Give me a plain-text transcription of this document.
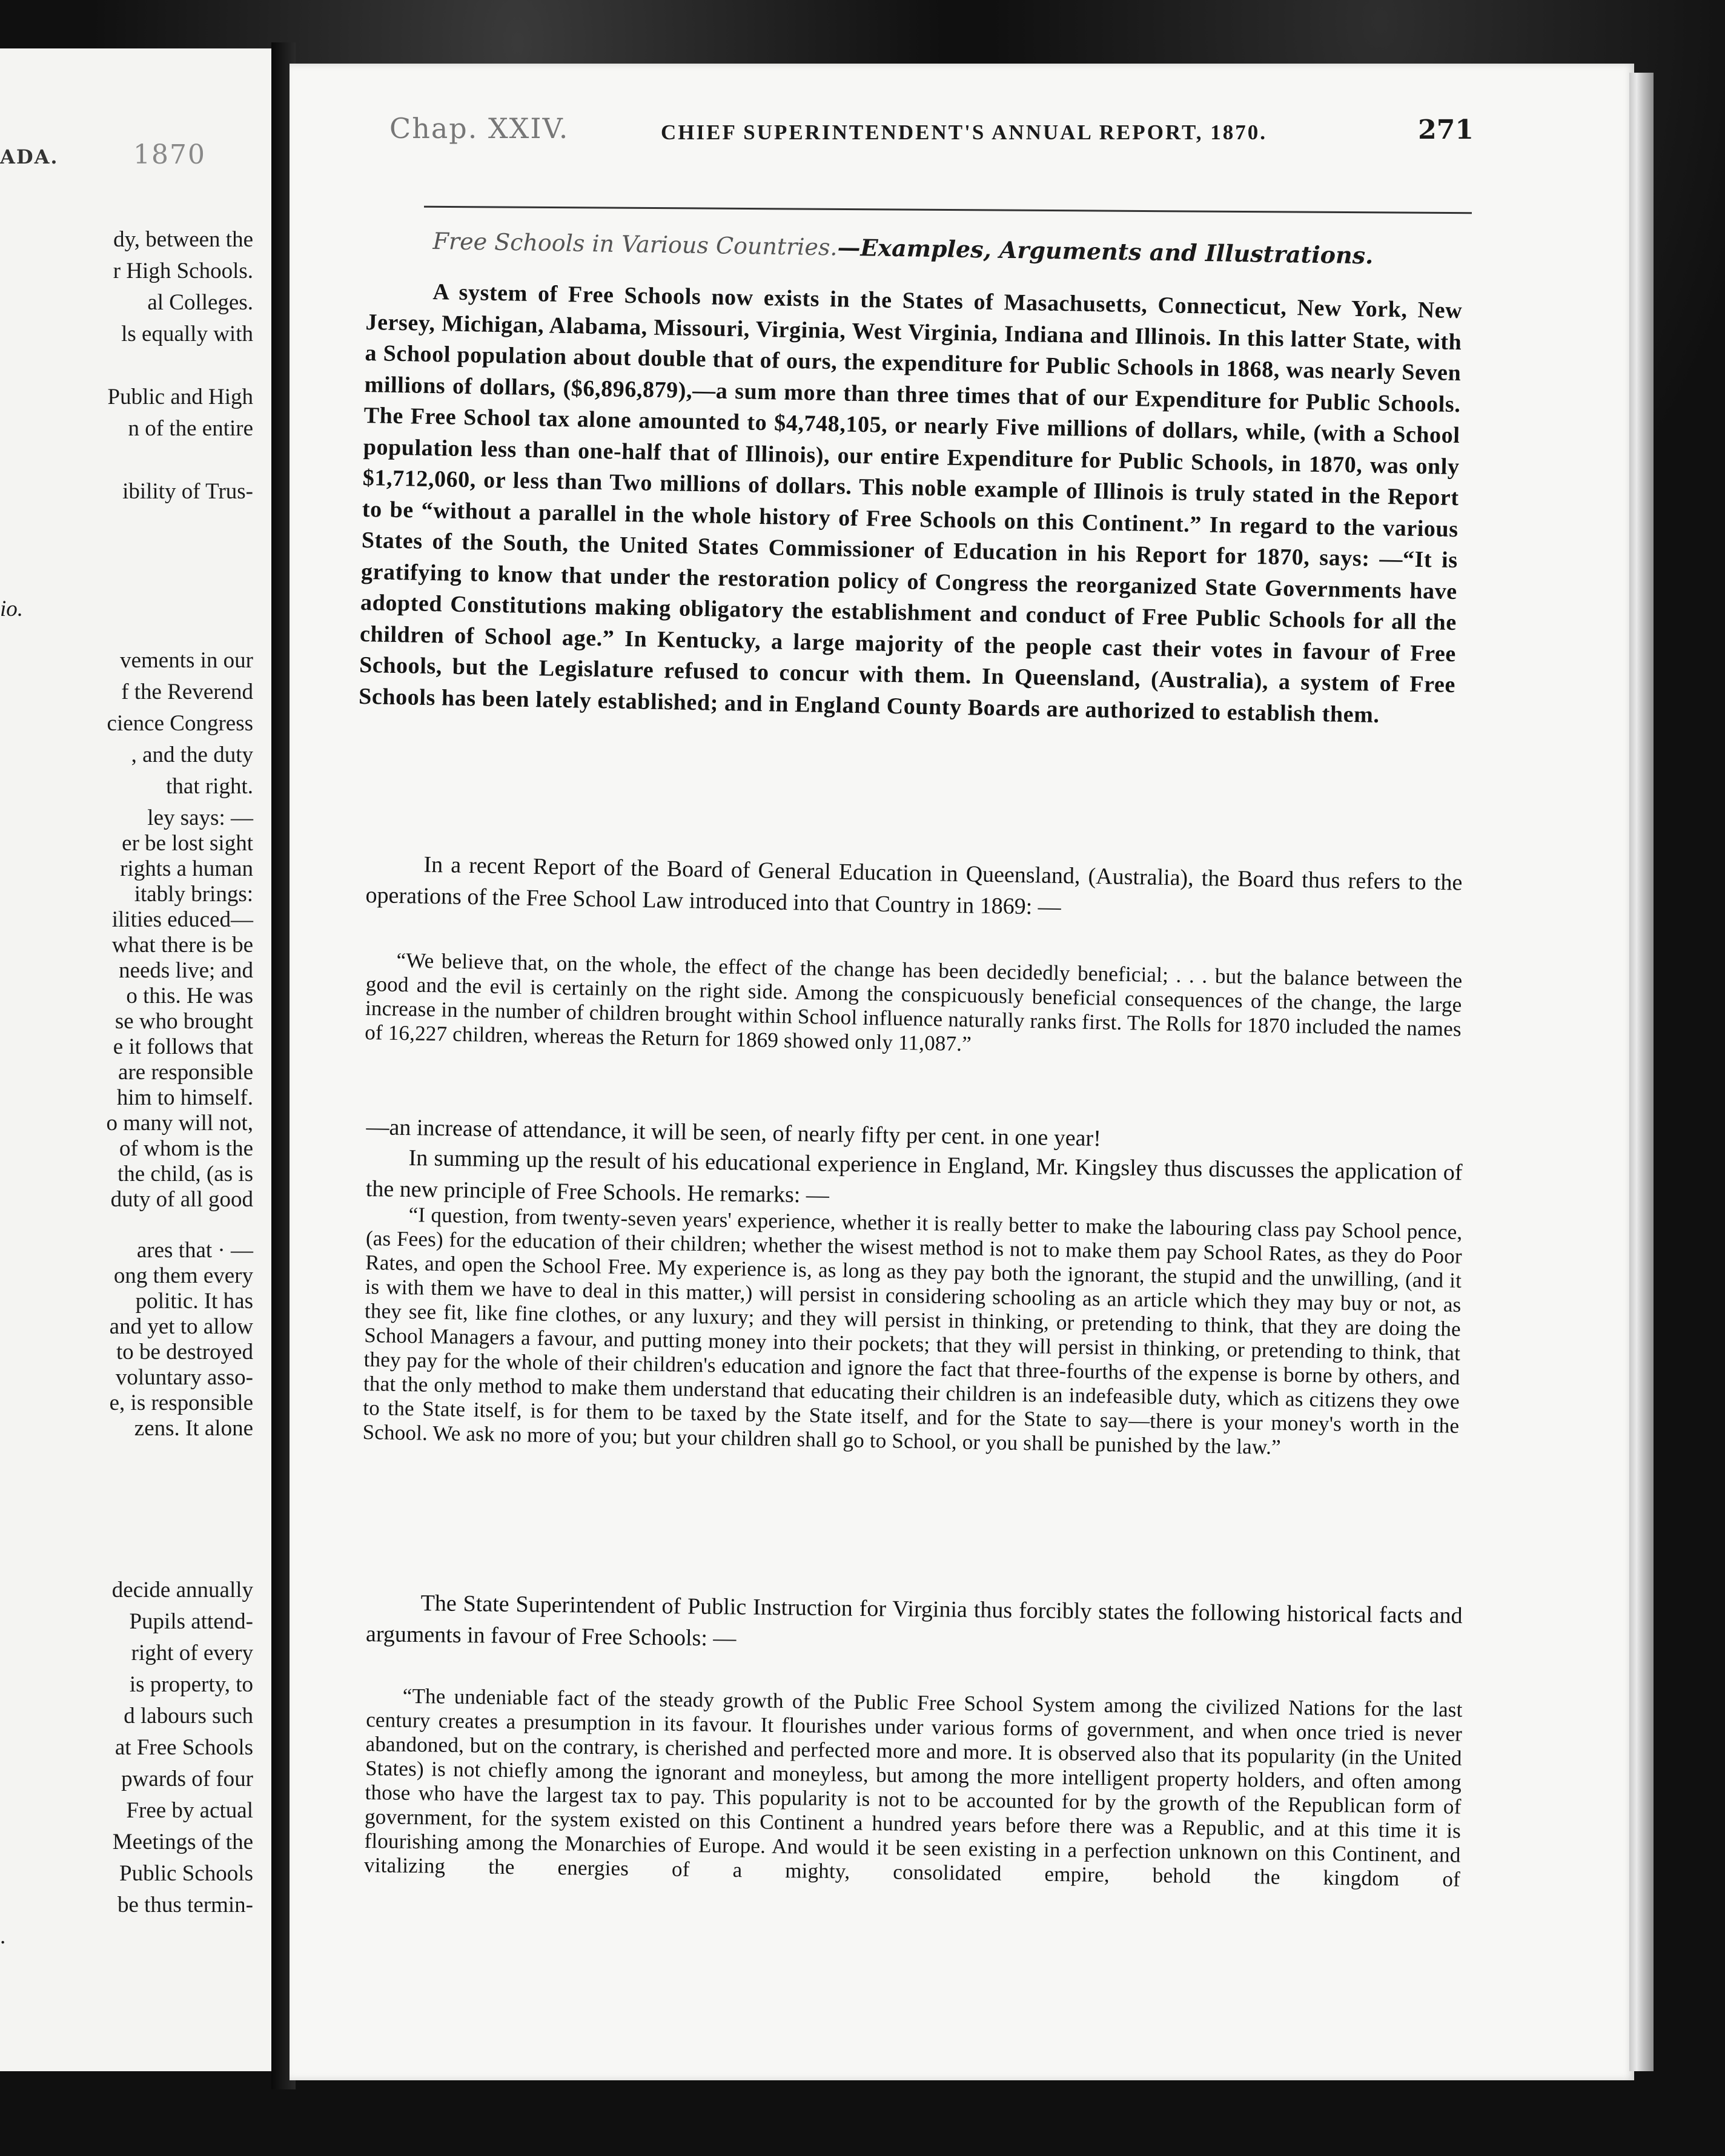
ADA.	1870
dy, between the
r High Schools.
al Colleges.
ls equally with
Public and High
n of the entire
ibility of Trus-
io.
vements in our
f the Reverend
cience Congress
, and the duty
that right.
ley says: —
er be lost sight
rights a human
itably brings:
ilities educed—
what there is be
needs live; and
o this. He was
se who brought
e it follows that
are responsible
him to himself.
o many will not,
of whom is the
the child, (as is
duty of all good
ares that · —
ong them every
politic. It has
and yet to allow
to be destroyed
voluntary asso-
e, is responsible
zens. It alone
decide annually
Pupils attend-
right of every
is property, to
d labours such
at Free Schools
pwards of four
Free by actual
Meetings of the
Public Schools
be thus termin-
.
Chap. XXIV.	CHIEF SUPERINTENDENT'S ANNUAL REPORT, 1870.	271
Free Schools in Various Countries.—Examples, Arguments and Illustrations.

A system of Free Schools now exists in the States of Masachusetts, Connecticut, New York, New Jersey, Michigan, Alabama, Missouri, Virginia, West Virginia, Indiana and Illinois. In this latter State, with a School population about double that of ours, the expenditure for Public Schools in 1868, was nearly Seven millions of dollars, ($6,896,879),—a sum more than three times that of our Expenditure for Public Schools. The Free School tax alone amounted to $4,748,105, or nearly Five millions of dollars, while, (with a School population less than one-half that of Illinois), our entire Expenditure for Public Schools, in 1870, was only $1,712,060, or less than Two millions of dollars. This noble example of Illinois is truly stated in the Report to be “without a parallel in the whole history of Free Schools on this Continent.” In regard to the various States of the South, the United States Commissioner of Education in his Report for 1870, says: —“It is gratifying to know that under the restoration policy of Congress the reorganized State Governments have adopted Constitutions making obligatory the establishment and conduct of Free Public Schools for all the children of School age.” In Kentucky, a large majority of the people cast their votes in favour of Free Schools, but the Legislature refused to concur with them. In Queensland, (Australia), a system of Free Schools has been lately established; and in England County Boards are authorized to establish them.

In a recent Report of the Board of General Education in Queensland, (Australia), the Board thus refers to the operations of the Free School Law introduced into that Country in 1869: —

“We believe that, on the whole, the effect of the change has been decidedly beneficial; . . . but the balance between the good and the evil is certainly on the right side. Among the conspicuously beneficial consequences of the change, the large increase in the number of children brought within School influence naturally ranks first. The Rolls for 1870 included the names of 16,227 children, whereas the Return for 1869 showed only 11,087.”

—an increase of attendance, it will be seen, of nearly fifty per cent. in one year!

In summing up the result of his educational experience in England, Mr. Kingsley thus discusses the application of the new principle of Free Schools. He remarks: —

“I question, from twenty-seven years' experience, whether it is really better to make the labouring class pay School pence, (as Fees) for the education of their children; whether the wisest method is not to make them pay School Rates, as they do Poor Rates, and open the School Free. My experience is, as long as they pay both the ignorant, the stupid and the unwilling, (and it is with them we have to deal in this matter,) will persist in considering schooling as an article which they may buy or not, as they see fit, like fine clothes, or any luxury; and they will persist in thinking, or pretending to think, that they are doing the School Managers a favour, and putting money into their pockets; that they will persist in thinking, or pretending to think, that they pay for the whole of their children's education and ignore the fact that three-fourths of the expense is borne by others, and that the only method to make them understand that educating their children is an indefeasible duty, which as citizens they owe to the State itself, is for them to be taxed by the State itself, and for the State to say—there is your money's worth in the School. We ask no more of you; but your children shall go to School, or you shall be punished by the law.”

The State Superintendent of Public Instruction for Virginia thus forcibly states the following historical facts and arguments in favour of Free Schools: —

“The undeniable fact of the steady growth of the Public Free School System among the civilized Nations for the last century creates a presumption in its favour. It flourishes under various forms of government, and when once tried is never abandoned, but on the contrary, is cherished and perfected more and more. It is observed also that its popularity (in the United States) is not chiefly among the ignorant and moneyless, but among the more intelligent property holders, and often among those who have the largest tax to pay. This popularity is not to be accounted for by the growth of the Republican form of government, for the system existed on this Continent a hundred years before there was a Republic, and at this time it is flourishing among the Monarchies of Europe. And would it be seen existing in a perfection unknown on this Continent, and vitalizing the energies of a mighty, consolidated empire, behold the kingdom of
